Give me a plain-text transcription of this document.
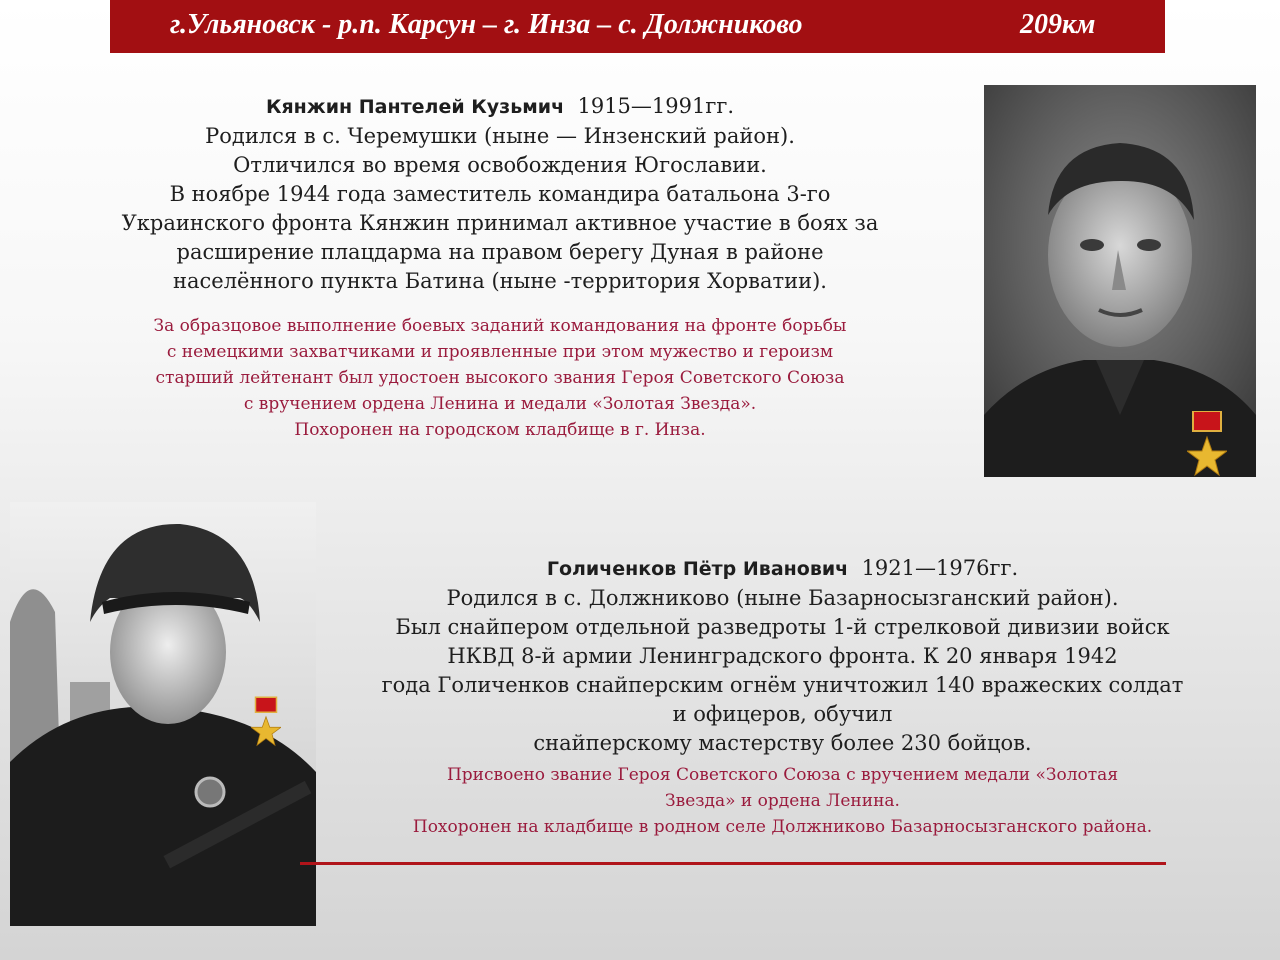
г.Ульяновск - р.п. Карсун – г. Инза – с. Должниково	209км
Кянжин Пантелей Кузьмич 1915—1991гг.
Родился в с. Черемушки (ныне — Инзенский район).
Отличился во время освобождения Югославии.
В ноябре 1944 года заместитель командира батальона 3-го
Украинского фронта Кянжин принимал активное участие в боях за
расширение плацдарма на правом берегу Дуная в районе
населённого пункта Батина (ныне -территория Хорватии).
За образцовое выполнение боевых заданий командования на фронте борьбы
с немецкими захватчиками и проявленные при этом мужество и героизм
старший лейтенант был удостоен высокого звания Героя Советского Союза
с вручением ордена Ленина и медали «Золотая Звезда».
Похоронен на городском кладбище в г. Инза.
Голиченков Пётр Иванович 1921—1976гг.
Родился в с. Должниково (ныне Базарносызганский район).
Был снайпером отдельной разведроты 1-й стрелковой дивизии войск
НКВД 8-й армии Ленинградского фронта. К 20 января 1942
года Голиченков снайперским огнём уничтожил 140 вражеских солдат
и офицеров, обучил
снайперскому мастерству более 230 бойцов.
Присвоено звание Героя Советского Союза с вручением медали «Золотая
Звезда» и ордена Ленина.
Похоронен на кладбище в родном селе Должниково Базарносызганского района.
